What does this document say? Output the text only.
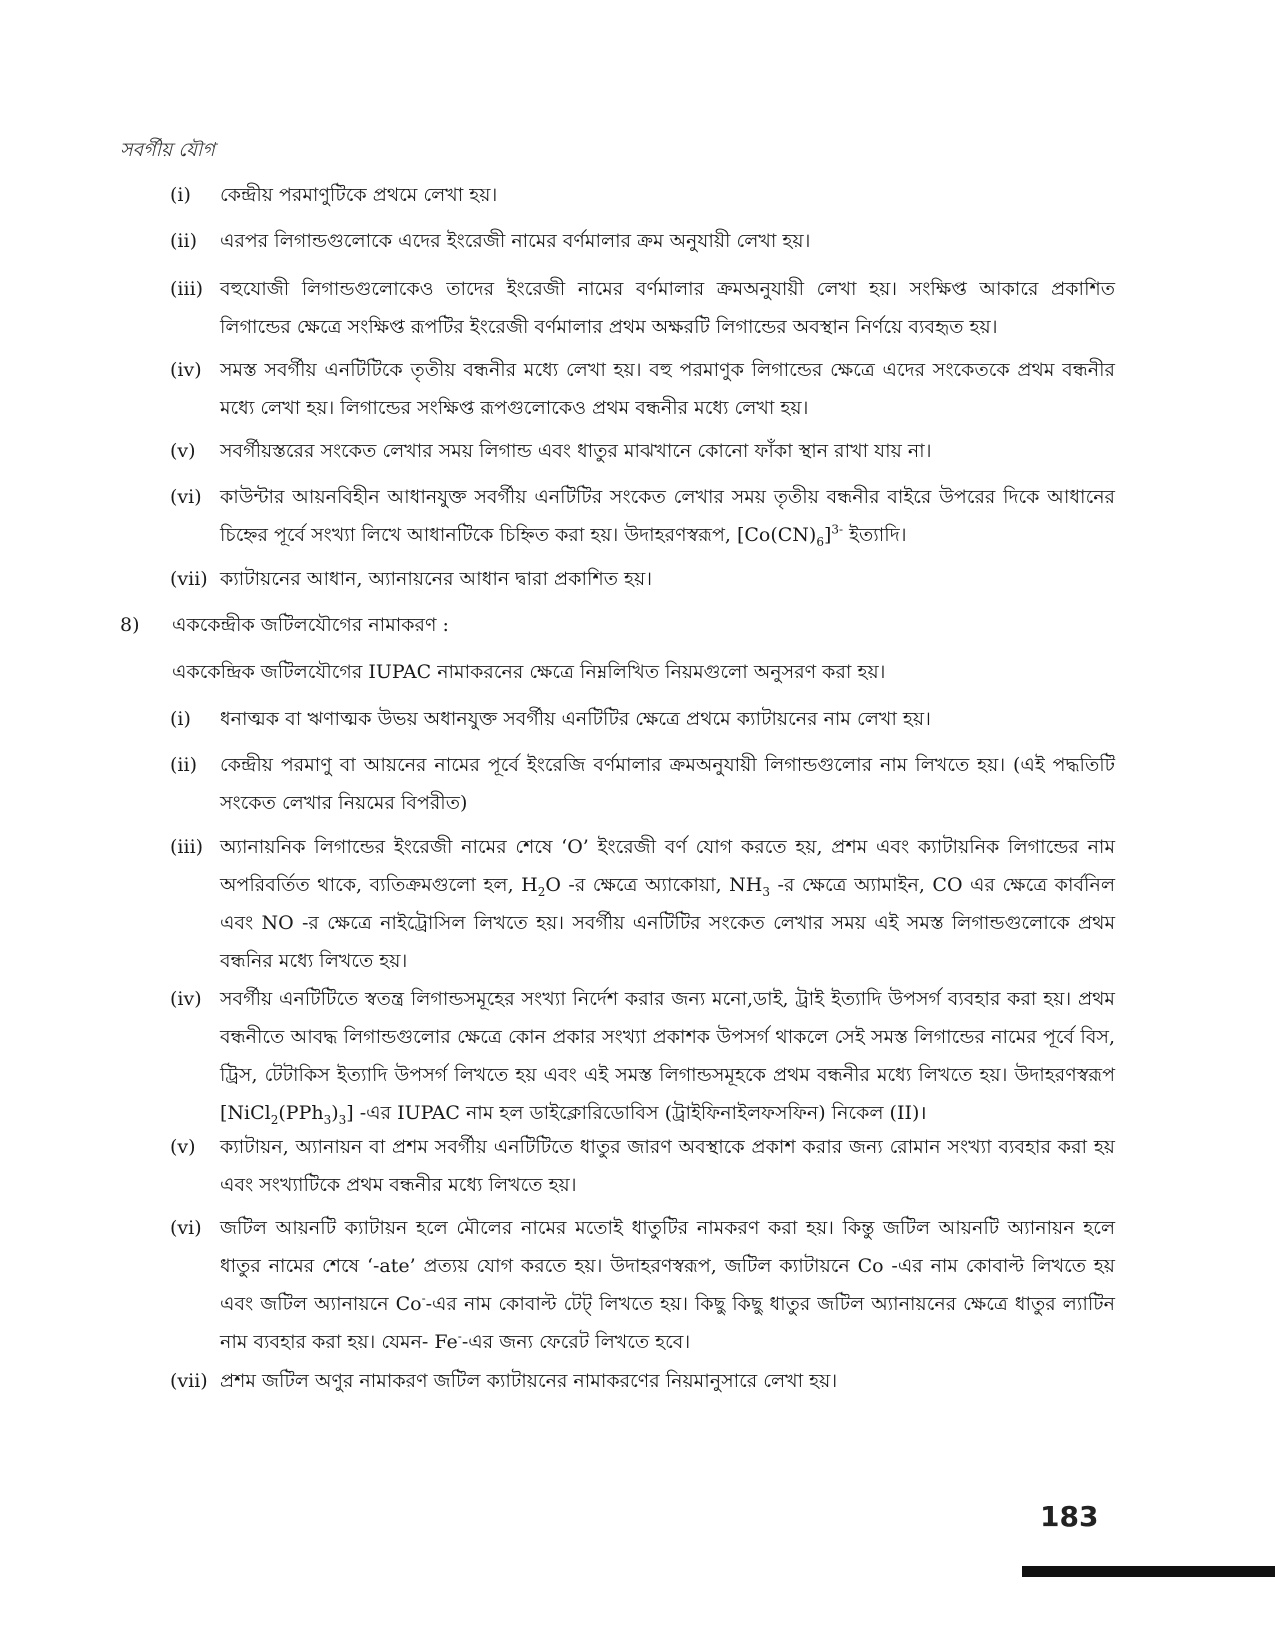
সবর্গীয় যৌগ
(i)	কেন্দ্রীয় পরমাণুটিকে প্রথমে লেখা হয়।
(ii)	এরপর লিগান্ডগুলোকে এদের ইংরেজী নামের বর্ণমালার ক্রম অনুযায়ী লেখা হয়।
(iii) বহুযোজী লিগান্ডগুলোকেও তাদের ইংরেজী নামের বর্ণমালার ক্রমঅনুযায়ী লেখা হয়। সংক্ষিপ্ত আকারে প্রকাশিত লিগান্ডের ক্ষেত্রে সংক্ষিপ্ত রূপটির ইংরেজী বর্ণমালার প্রথম অক্ষরটি লিগান্ডের অবস্থান নির্ণয়ে ব্যবহৃত হয়।
(iv) সমস্ত সবর্গীয় এনটিটিকে তৃতীয় বন্ধনীর মধ্যে লেখা হয়। বহু পরমাণুক লিগান্ডের ক্ষেত্রে এদের সংকেতকে প্রথম বন্ধনীর মধ্যে লেখা হয়। লিগান্ডের সংক্ষিপ্ত রূপগুলোকেও প্রথম বন্ধনীর মধ্যে লেখা হয়।
(v)	সবর্গীয়স্তরের সংকেত লেখার সময় লিগান্ড এবং ধাতুর মাঝখানে কোনো ফাঁকা স্থান রাখা যায় না।
(vi) কাউন্টার আয়নবিহীন আধানযুক্ত সবর্গীয় এনটিটির সংকেত লেখার সময় তৃতীয় বন্ধনীর বাইরে উপরের দিকে আধানের চিহ্নের পূর্বে সংখ্যা লিখে আধানটিকে চিহ্নিত করা হয়। উদাহরণস্বরূপ, $[Co(CN)_6]^{3-}$ ইত্যাদি।
(vii) ক্যাটায়নের আধান, অ্যানায়নের আধান দ্বারা প্রকাশিত হয়।
8)	এককেন্দ্রীক জটিলযৌগের নামাকরণ :
এককেন্দ্রিক জটিলযৌগের IUPAC নামাকরনের ক্ষেত্রে নিম্নলিখিত নিয়মগুলো অনুসরণ করা হয়।
(i)	ধনাত্মক বা ঋণাত্মক উভয় অধানযুক্ত সবর্গীয় এনটিটির ক্ষেত্রে প্রথমে ক্যাটায়নের নাম লেখা হয়।
(ii)	কেন্দ্রীয় পরমাণু বা আয়নের নামের পূর্বে ইংরেজি বর্ণমালার ক্রমঅনুযায়ী লিগান্ডগুলোর নাম লিখতে হয়। (এই পদ্ধতিটি সংকেত লেখার নিয়মের বিপরীত)
(iii) অ্যানায়নিক লিগান্ডের ইংরেজী নামের শেষে ‘O’ ইংরেজী বর্ণ যোগ করতে হয়, প্রশম এবং ক্যাটায়নিক লিগান্ডের নাম অপরিবর্তিত থাকে, ব্যতিক্রমগুলো হল, $H_2O$ -র ক্ষেত্রে অ্যাকোয়া, $NH_3$ -র ক্ষেত্রে অ্যামাইন, CO এর ক্ষেত্রে কার্বনিল এবং NO -র ক্ষেত্রে নাইট্রোসিল লিখতে হয়। সবর্গীয় এনটিটির সংকেত লেখার সময় এই সমস্ত লিগান্ডগুলোকে প্রথম বন্ধনির মধ্যে লিখতে হয়।
(iv) সবর্গীয় এনটিটিতে স্বতন্ত্র লিগান্ডসমূহের সংখ্যা নির্দেশ করার জন্য মনো,ডাই, ট্রাই ইত্যাদি উপসর্গ ব্যবহার করা হয়। প্রথম বন্ধনীতে আবদ্ধ লিগান্ডগুলোর ক্ষেত্রে কোন প্রকার সংখ্যা প্রকাশক উপসর্গ থাকলে সেই সমস্ত লিগান্ডের নামের পূর্বে বিস, ট্রিস, টেটাকিস ইত্যাদি উপসর্গ লিখতে হয় এবং এই সমস্ত লিগান্ডসমূহকে প্রথম বন্ধনীর মধ্যে লিখতে হয়। উদাহরণস্বরূপ $[NiCl_2(PPh_3)_3]$ -এর IUPAC নাম হল ডাইক্লোরিডোবিস (ট্রাইফিনাইলফসফিন) নিকেল (II)।
(v)	ক্যাটায়ন, অ্যানায়ন বা প্রশম সবর্গীয় এনটিটিতে ধাতুর জারণ অবস্থাকে প্রকাশ করার জন্য রোমান সংখ্যা ব্যবহার করা হয় এবং সংখ্যাটিকে প্রথম বন্ধনীর মধ্যে লিখতে হয়।
(vi) জটিল আয়নটি ক্যাটায়ন হলে মৌলের নামের মতোই ধাতুটির নামকরণ করা হয়। কিন্তু জটিল আয়নটি অ্যানায়ন হলে ধাতুর নামের শেষে ‘-ate’ প্রত্যয় যোগ করতে হয়। উদাহরণস্বরূপ, জটিল ক্যাটায়নে Co -এর নাম কোবাল্ট লিখতে হয় এবং জটিল অ্যানায়নে Co--এর নাম কোবাল্ট টেট্ লিখতে হয়। কিছু কিছু ধাতুর জটিল অ্যানায়নের ক্ষেত্রে ধাতুর ল্যাটিন নাম ব্যবহার করা হয়। যেমন- Fe--এর জন্য ফেরেট লিখতে হবে।
(vii) প্রশম জটিল অণুর নামাকরণ জটিল ক্যাটায়নের নামাকরণের নিয়মানুসারে লেখা হয়।
183
